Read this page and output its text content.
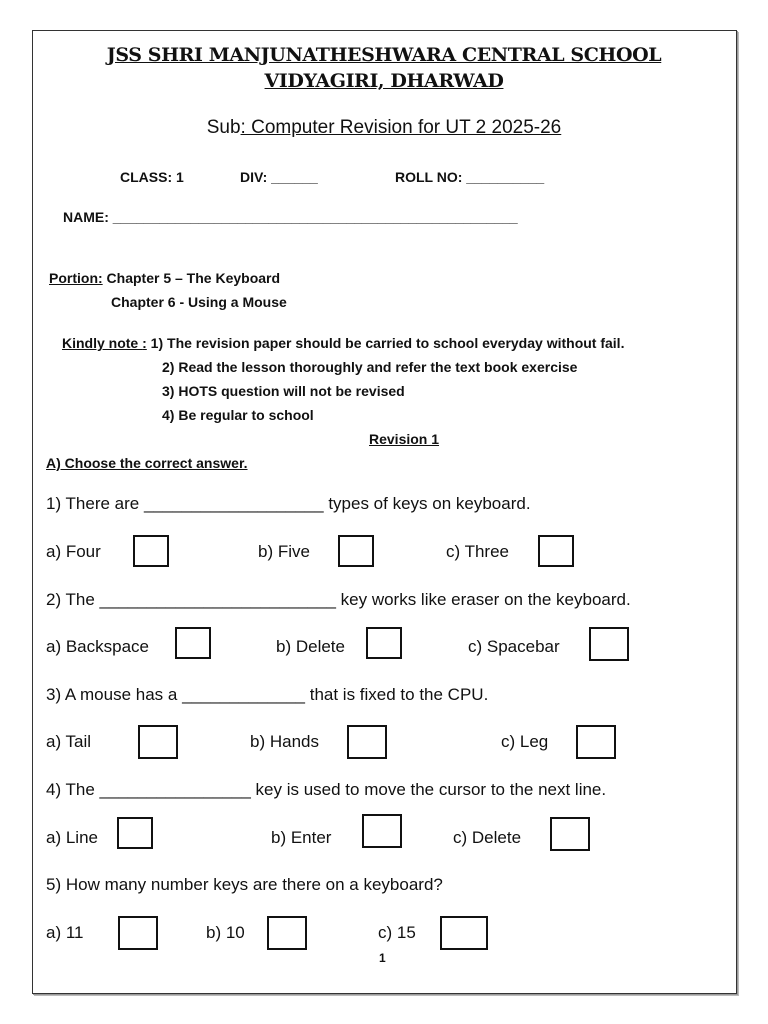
JSS SHRI MANJUNATHESHWARA CENTRAL SCHOOL
VIDYAGIRI, DHARWAD
Sub: Computer Revision for UT 2 2025-26
CLASS: 1	DIV: ______	ROLL NO: __________
NAME: ____________________________________________________
Portion: Chapter 5 – The Keyboard
Chapter 6 - Using a Mouse
Kindly note : 1) The revision paper should be carried to school everyday without fail.
2) Read the lesson thoroughly and refer the text book exercise
3) HOTS question will not be revised
4) Be regular to school
Revision 1
A) Choose the correct answer.
1) There are ___________________ types of keys on keyboard.
a) Four	b) Five	c) Three
2) The _________________________ key works like eraser on the keyboard.
a) Backspace	b) Delete	c) Spacebar
3) A mouse has a _____________ that is fixed to the CPU.
a) Tail	b) Hands	c) Leg
4) The ________________ key is used to move the cursor to the next line.
a) Line	b) Enter	c) Delete
5) How many number keys are there on a keyboard?
a) 11	b) 10	c) 15
1
